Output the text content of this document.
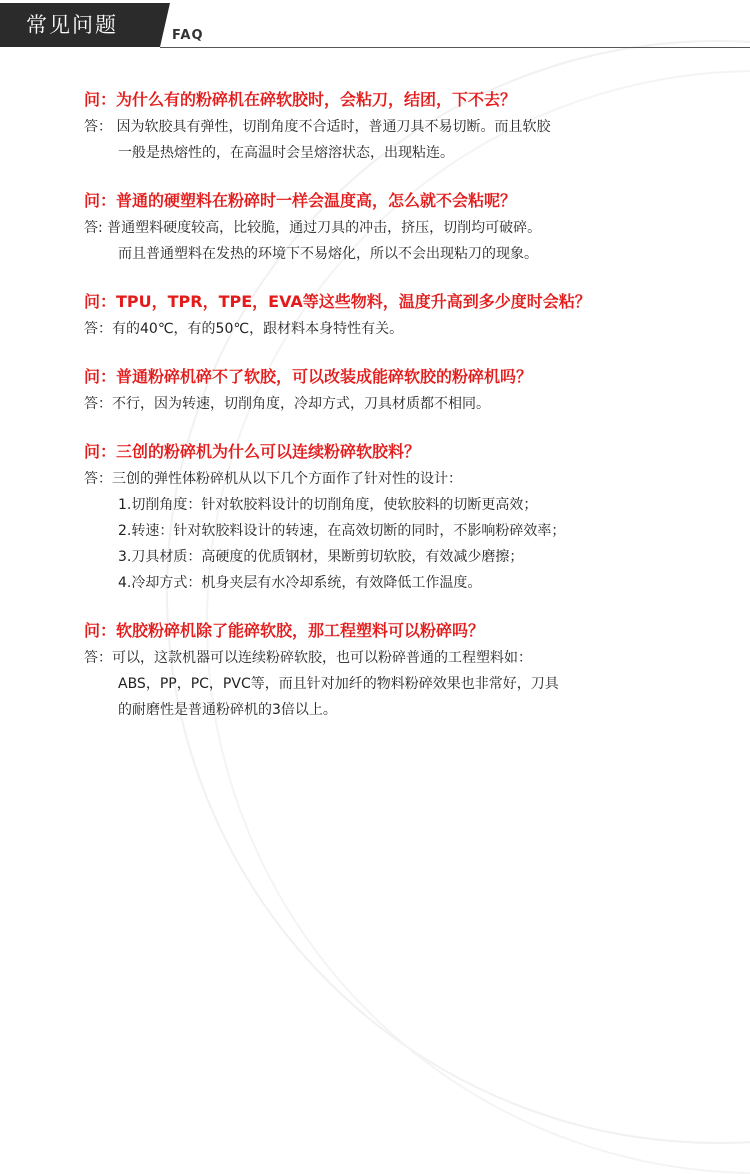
常见问题	FAQ
问：为什么有的粉碎机在碎软胶时，会粘刀，结团，下不去？
答： 因为软胶具有弹性，切削角度不合适时，普通刀具不易切断。而且软胶
一般是热熔性的，在高温时会呈熔溶状态，出现粘连。
问：普通的硬塑料在粉碎时一样会温度高，怎么就不会粘呢？
答: 普通塑料硬度较高，比较脆，通过刀具的冲击，挤压，切削均可破碎。
而且普通塑料在发热的环境下不易熔化，所以不会出现粘刀的现象。
问：TPU，TPR，TPE，EVA等这些物料，温度升高到多少度时会粘？
答：有的40℃，有的50℃，跟材料本身特性有关。
问：普通粉碎机碎不了软胶，可以改装成能碎软胶的粉碎机吗？
答：不行，因为转速，切削角度，冷却方式，刀具材质都不相同。
问：三创的粉碎机为什么可以连续粉碎软胶料？
答：三创的弹性体粉碎机从以下几个方面作了针对性的设计：
1.切削角度：针对软胶料设计的切削角度，使软胶料的切断更高效；
2.转速：针对软胶料设计的转速，在高效切断的同时，不影响粉碎效率；
3.刀具材质：高硬度的优质钢材，果断剪切软胶，有效减少磨擦；
4.冷却方式：机身夹层有水冷却系统，有效降低工作温度。
问：软胶粉碎机除了能碎软胶，那工程塑料可以粉碎吗？
答：可以，这款机器可以连续粉碎软胶，也可以粉碎普通的工程塑料如：
ABS，PP，PC，PVC等，而且针对加纤的物料粉碎效果也非常好，刀具
的耐磨性是普通粉碎机的3倍以上。
